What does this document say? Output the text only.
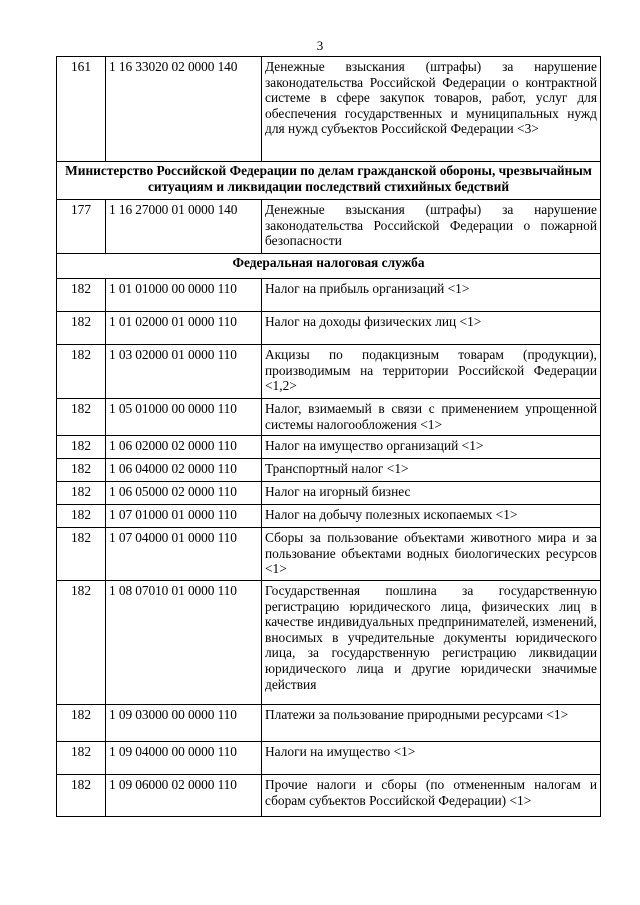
3
161	1 16 33020 02 0000 140	Денежные взыскания (штрафы) за нарушение законодательства Российской Федерации о контрактной системе в сфере закупок товаров, работ, услуг для обеспечения государственных и муниципальных нужд для нужд субъектов Российской Федерации <3>
Министерство Российской Федерации по делам гражданской обороны, чрезвычайным ситуациям и ликвидации последствий стихийных бедствий		
177	1 16 27000 01 0000 140	Денежные взыскания (штрафы) за нарушение законодательства Российской Федерации о пожарной безопасности
Федеральная налоговая служба		
182	1 01 01000 00 0000 110	Налог на прибыль организаций <1>
182	1 01 02000 01 0000 110	Налог на доходы физических лиц <1>
182	1 03 02000 01 0000 110	Акцизы по подакцизным товарам (продукции), производимым на территории Российской Федерации <1,2>
182	1 05 01000 00 0000 110	Налог, взимаемый в связи с применением упрощенной системы налогообложения <1>
182	1 06 02000 02 0000 110	Налог на имущество организаций <1>
182	1 06 04000 02 0000 110	Транспортный налог <1>
182	1 06 05000 02 0000 110	Налог на игорный бизнес
182	1 07 01000 01 0000 110	Налог на добычу полезных ископаемых <1>
182	1 07 04000 01 0000 110	Сборы за пользование объектами животного мира и за пользование объектами водных биологических ресурсов <1>
182	1 08 07010 01 0000 110	Государственная пошлина за государственную регистрацию юридического лица, физических лиц в качестве индивидуальных предпринимателей, изменений, вносимых в учредительные документы юридического лица, за государственную регистрацию ликвидации юридического лица и другие юридически значимые действия
182	1 09 03000 00 0000 110	Платежи за пользование природными ресурсами <1>
182	1 09 04000 00 0000 110	Налоги на имущество <1>
182	1 09 06000 02 0000 110	Прочие налоги и сборы (по отмененным налогам и сборам субъектов Российской Федерации) <1>
